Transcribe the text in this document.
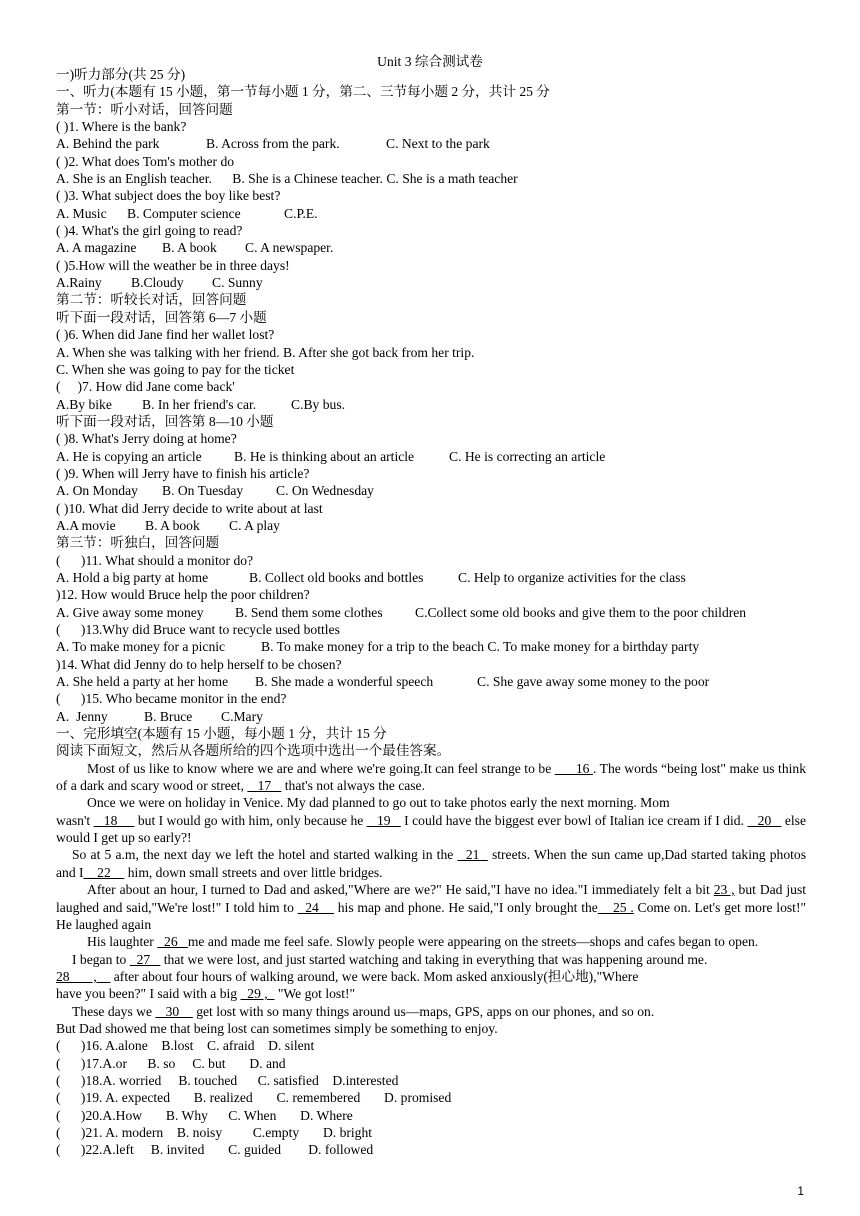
Unit 3 综合测试卷
一)听力部分(共 25 分)
一、听力(本题有 15 小题，第一节每小题 1 分，第二、三节每小题 2 分，共计 25 分
第一节：听小对话，回答问题
( )1. Where is the bank?
A. Behind the park	B. Across from the park.	C. Next to the park
( )2. What does Tom's mother do
A. She is an English teacher.      B. She is a Chinese teacher. C. She is a math teacher
( )3. What subject does the boy like best?
A. Music B. Computer science	C.P.E.
( )4. What's the girl going to read?
A. A magazine B. A book C. A newspaper.
( )5.How will the weather be in three days!
A.Rainy B.Cloudy C. Sunny
第二节：听较长对话，回答问题
听下面一段对话，回答第 6—7 小题
( )6. When did Jane find her wallet lost?
A. When she was talking with her friend. B. After she got back from her trip.
C. When she was going to pay for the ticket
(     )7. How did Jane come back'
A.By bike B. In her friend's car.	C.By bus.
听下面一段对话，回答第 8—10 小题
( )8. What's Jerry doing at home?
A. He is copying an article B. He is thinking about an article	C. He is correcting an article
( )9. When will Jerry have to finish his article?
A. On Monday B. On Tuesday C. On Wednesday
( )10. What did Jerry decide to write about at last
A.A movie B. A book C. A play
第三节：听独白，回答问题
(      )11. What should a monitor do?
A. Hold a big party at home	B. Collect old books and bottles	C. Help to organize activities for the class
)12. How would Bruce help the poor children?
A. Give away some money B. Send them some clothes C.Collect some old books and give them to the poor children
(      )13.Why did Bruce want to recycle used bottles
A. To make money for a picnic	B. To make money for a trip to the beach C. To make money for a birthday party
)14. What did Jenny do to help herself to be chosen?
A. She held a party at her home B. She made a wonderful speech	C. She gave away some money to the poor
(      )15. Who became monitor in the end?
A.  Jenny	B. Bruce C.Mary
一、完形填空(本题有 15 小题，每小题 1 分，共计 15 分
阅读下面短文，然后从各题所给的四个选项中选出一个最佳答案。
Most of us like to know where we are and where we're going.It can feel strange to be       16 . The words “being lost" make us think of a dark and scary wood or street,    17    that's not always the case.
Once we were on holiday in Venice. My dad planned to go out to take photos early the next morning. Mom
wasn't    18      but I would go with him, only because he    19    I could have the biggest ever bowl of Italian ice cream if I did.    20    else would I get up so early?!
So at 5 a.m, the next day we left the hotel and started walking in the   21   streets. When the sun came up,Dad started taking photos and I__22     him, down small streets and over little bridges.
After about an hour, I turned to Dad and asked,"Where are we?" He said,"I have no idea."I immediately felt a bit 23 , but Dad just laughed and said,"We're lost!" I told him to   24     his map and phone. He said,"I only brought the    25 . Come on. Let's get more lost!" He laughed again
His laughter   26   me and made me feel safe. Slowly people were appearing on the streets—shops and cafes began to open.
I began to   27    that we were lost, and just started watching and taking in everything that was happening around me.
28       ,     after about four hours of walking around, we were back. Mom asked anxiously(担心地),"Where
have you been?" I said with a big   29 ,   "We got lost!"
These days we    30     get lost with so many things around us—maps, GPS, apps on our phones, and so on.
But Dad showed me that being lost can sometimes simply be something to enjoy.
(      )16. A.alone    B.lost    C. afraid    D. silent
(      )17.A.or      B. so     C. but       D. and
(      )18.A. worried     B. touched      C. satisfied    D.interested
(      )19. A. expected       B. realized       C. remembered       D. promised
(      )20.A.How       B. Why      C. When       D. Where
(      )21. A. modern    B. noisy         C.empty       D. bright
(      )22.A.left     B. invited       C. guided        D. followed
1
